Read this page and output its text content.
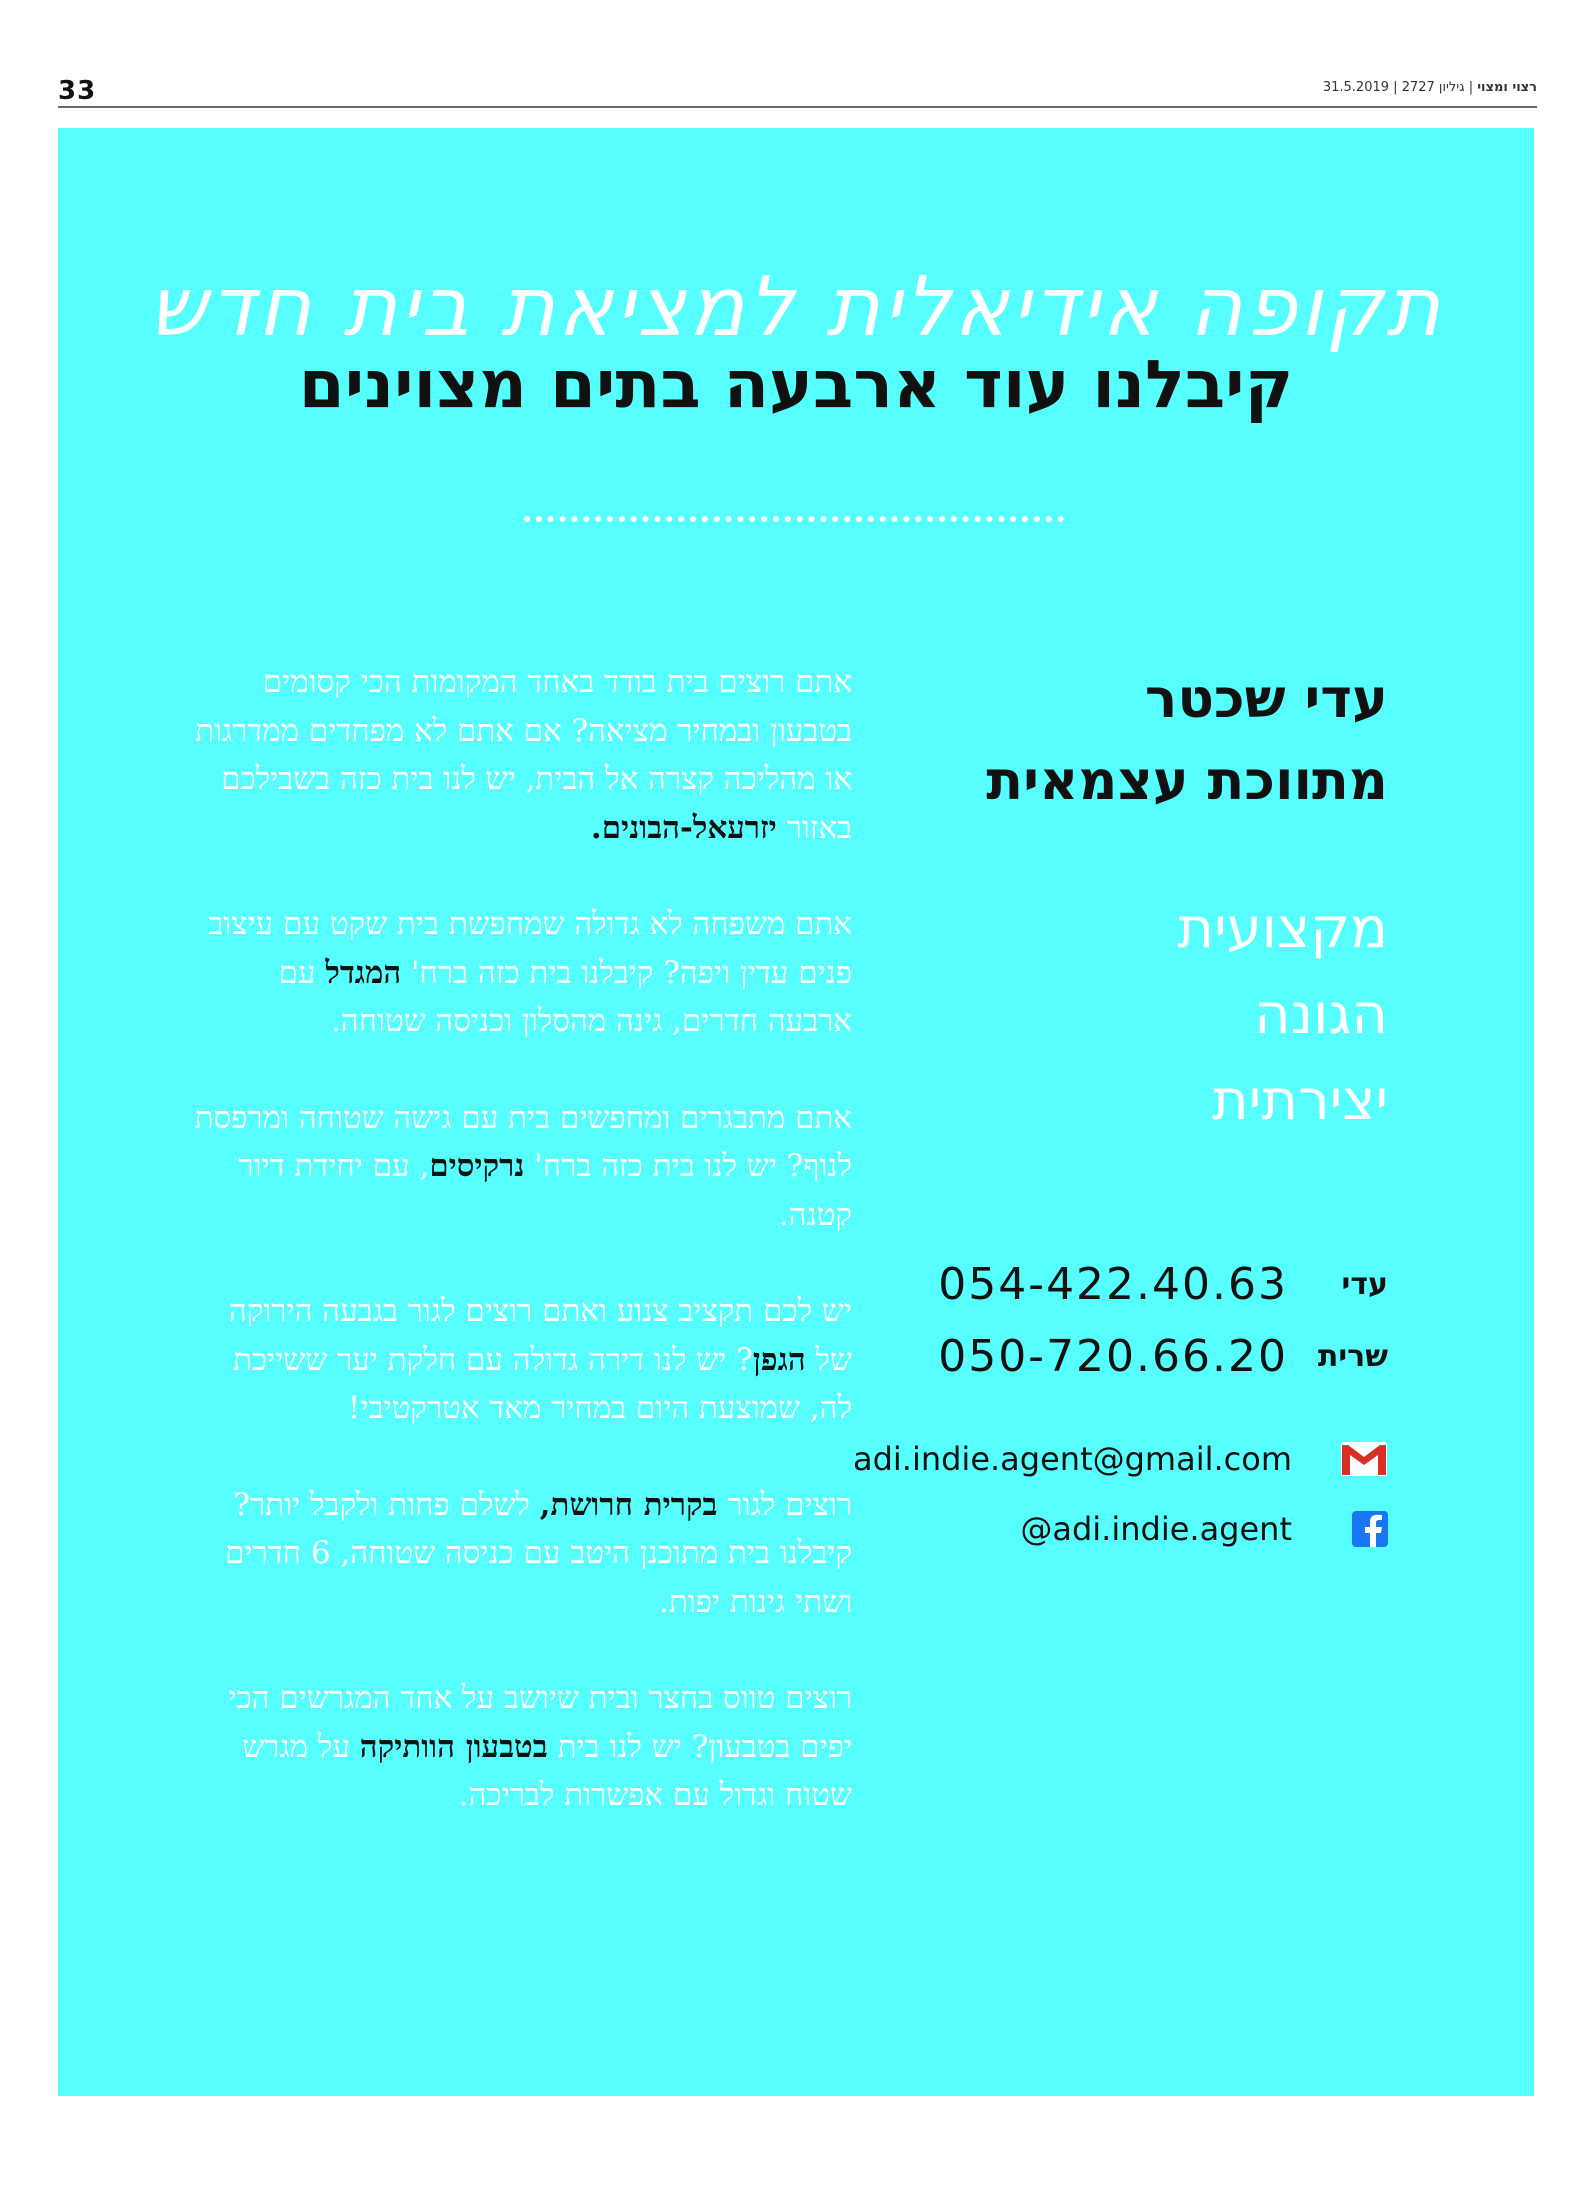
33	רצוי ומצוי | גיליון 2727 | 31.5.2019
תקופה אידיאלית למציאת בית חדש
קיבלנו עוד ארבעה בתים מצוינים
עדי שכטר
מתווכת עצמאית
מקצועית
הגונה
יצירתית
עדי
054-422.40.63
שרית
050-720.66.20
adi.indie.agent@gmail.com
@adi.indie.agent

אתם רוצים בית בודד באחד המקומות הכי קסומים בטבעון ובמחיר מציאה? אם אתם לא מפחדים ממדרגות או מהליכה קצרה אל הבית, יש לנו בית כזה בשבילכם באזור יזרעאל-הבונים.

אתם משפחה לא גדולה שמחפשת בית שקט עם עיצוב פנים עדין ויפה? קיבלנו בית כזה ברח' המגדל עם ארבעה חדרים, גינה מהסלון וכניסה שטוחה.

אתם מתבגרים ומחפשים בית עם גישה שטוחה ומרפסת לנוף? יש לנו בית כזה ברח' נרקיסים, עם יחידת דיור קטנה.

יש לכם תקציב צנוע ואתם רוצים לגור בגבעה הירוקה של הגפן? יש לנו דירה גדולה עם חלקת יער ששייכת לה, שמוצעת היום במחיר מאד אטרקטיבי!

רוצים לגור בקרית חרושת, לשלם פחות ולקבל יותר? קיבלנו בית מתוכנן היטב עם כניסה שטוחה, 6 חדרים ושתי גינות יפות.

רוצים טווס בחצר ובית שיושב על אחד המגרשים הכי יפים בטבעון? יש לנו בית בטבעון הוותיקה על מגרש שטוח וגדול עם אפשרות לבריכה.
